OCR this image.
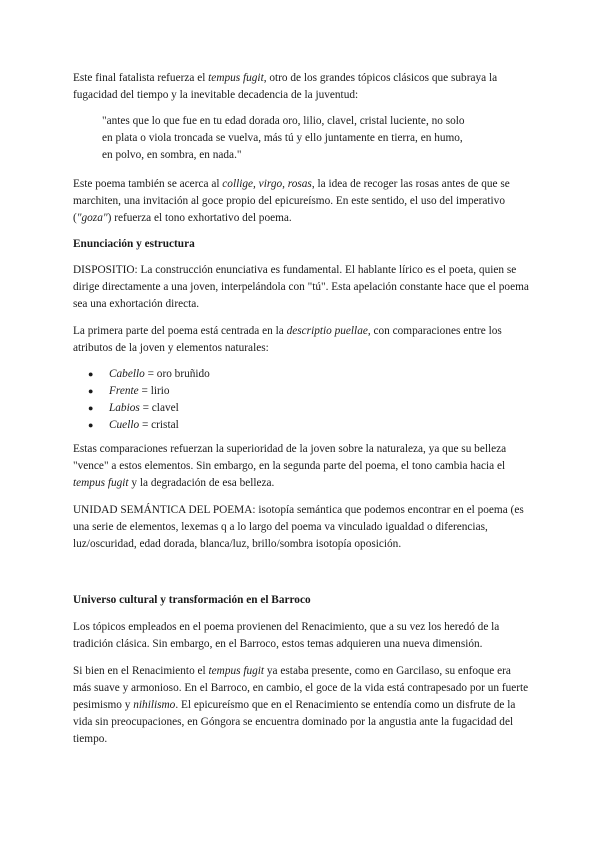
Este final fatalista refuerza el tempus fugit, otro de los grandes tópicos clásicos que subraya la fugacidad del tiempo y la inevitable decadencia de la juventud:

"antes que lo que fue en tu edad dorada oro, lilio, clavel, cristal luciente, no solo

en plata o viola troncada se vuelva, más tú y ello juntamente en tierra, en humo,

en polvo, en sombra, en nada."

Este poema también se acerca al collige, virgo, rosas, la idea de recoger las rosas antes de que se marchiten, una invitación al goce propio del epicureísmo. En este sentido, el uso del imperativo ("goza") refuerza el tono exhortativo del poema.

Enunciación y estructura

DISPOSITIO: La construcción enunciativa es fundamental. El hablante lírico es el poeta, quien se dirige directamente a una joven, interpelándola con "tú". Esta apelación constante hace que el poema sea una exhortación directa.

La primera parte del poema está centrada en la descriptio puellae, con comparaciones entre los atributos de la joven y elementos naturales:

● Cabello = oro bruñido
● Frente = lirio
● Labios = clavel
● Cuello = cristal

Estas comparaciones refuerzan la superioridad de la joven sobre la naturaleza, ya que su belleza "vence" a estos elementos. Sin embargo, en la segunda parte del poema, el tono cambia hacia el tempus fugit y la degradación de esa belleza.

UNIDAD SEMÁNTICA DEL POEMA: isotopía semántica que podemos encontrar en el poema (es una serie de elementos, lexemas q a lo largo del poema va vinculado igualdad o diferencias, luz/oscuridad, edad dorada, blanca/luz, brillo/sombra isotopía oposición.

Universo cultural y transformación en el Barroco

Los tópicos empleados en el poema provienen del Renacimiento, que a su vez los heredó de la tradición clásica. Sin embargo, en el Barroco, estos temas adquieren una nueva dimensión.

Si bien en el Renacimiento el tempus fugit ya estaba presente, como en Garcilaso, su enfoque era más suave y armonioso. En el Barroco, en cambio, el goce de la vida está contrapesado por un fuerte pesimismo y nihilismo. El epicureísmo que en el Renacimiento se entendía como un disfrute de la vida sin preocupaciones, en Góngora se encuentra dominado por la angustia ante la fugacidad del tiempo.
